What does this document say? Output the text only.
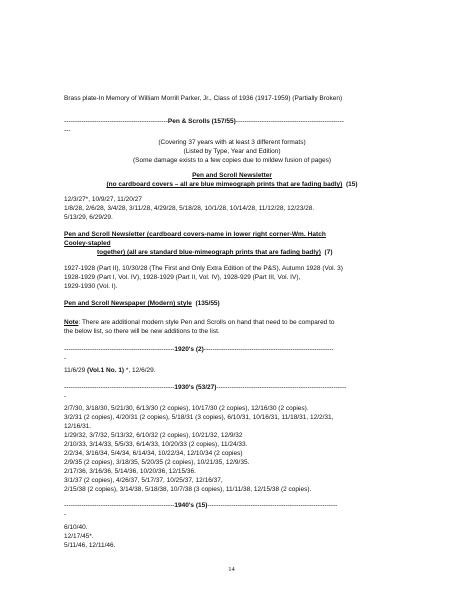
Brass plate-In Memory of William Morrill Parker, Jr., Class of 1936 (1917-1959) (Partially Broken)
------------------------------------------------Pen & Scrolls (157/55)--------------------------------------------------
---
(Covering 37 years with at least 3 different formats)
(Listed by Type, Year and Edition)
(Some damage exists to a few copies due to mildew fusion of pages)
Pen and Scroll Newsletter
(no cardboard covers – all are blue mimeograph prints that are fading badly) (15)
12/3/27*, 10/9/27, 11/20/27
1/8/28, 2/6/28, 3/4/28, 3/11/28, 4/29/28, 5/18/28, 10/1/28, 10/14/28, 11/12/28, 12/23/28.
5/13/29, 6/29/29.
Pen and Scroll Newsletter (cardboard covers-name in lower right corner-Wm. Hatch
Cooley-stapled
together) (all are standard blue-mimeograph prints that are fading badly) (7)
1927-1928 (Part II), 10/30/28 (The First and Only Extra Edition of the P&S), Autumn 1928 (Vol. 3)
1928-1929 (Part I, Vol. IV), 1928-1929 (Part II, Vol. IV), 1928-929 (Part III, Vol. IV),
1929-1930 (Vol. I).
Pen and Scroll Newspaper (Modern) style (135/55)
Note: There are additional modern style Pen and Scrolls on hand that need to be compared to
the below list, so there will be new additions to the list.
---------------------------------------------------1920's (2)------------------------------------------------------------
-
11/6/29 (Vol.1 No. 1) *, 12/6/29.
---------------------------------------------------1930's (53/27)------------------------------------------------------------
-
2/7/30, 3/18/30, 5/21/30, 6/13/30 (2 copies), 10/17/30 (2 copies), 12/16/30 (2 copies).
3/2/31 (2 copies), 4/20/31 (2 copies), 5/18/31 (3 copies), 6/10/31, 10/16/31, 11/18/31, 12/2/31,
12/16/31.
1/29/32, 3/7/32, 5/13/32, 6/10/32 (2 copies), 10/21/32, 12/9/32
2/10/33, 3/14/33, 5/5/33, 6/14/33, 10/20/33 (2 copies), 11/24/33.
2/2/34, 3/16/34, 5/4/34, 6/14/34, 10/22/34, 12/10/34 (2 copies)
2/9/35 (2 copies), 3/18/35, 5/20/35 (2 copies), 10/21/35, 12/9/35.
2/17/36, 3/16/36, 5/14/36, 10/20/36, 12/15/36.
3/1/37 (2 copies), 4/26/37, 5/17/37, 10/25/37, 12/16/37,
2/15/38 (2 copies), 3/14/38, 5/18/38, 10/7/38 (3 copies), 11/11/38, 12/15/38 (2 copies).
---------------------------------------------------1940's (15)------------------------------------------------------------
-
6/10/40.
12/17/45*.
5/11/46, 12/11/46.
14
